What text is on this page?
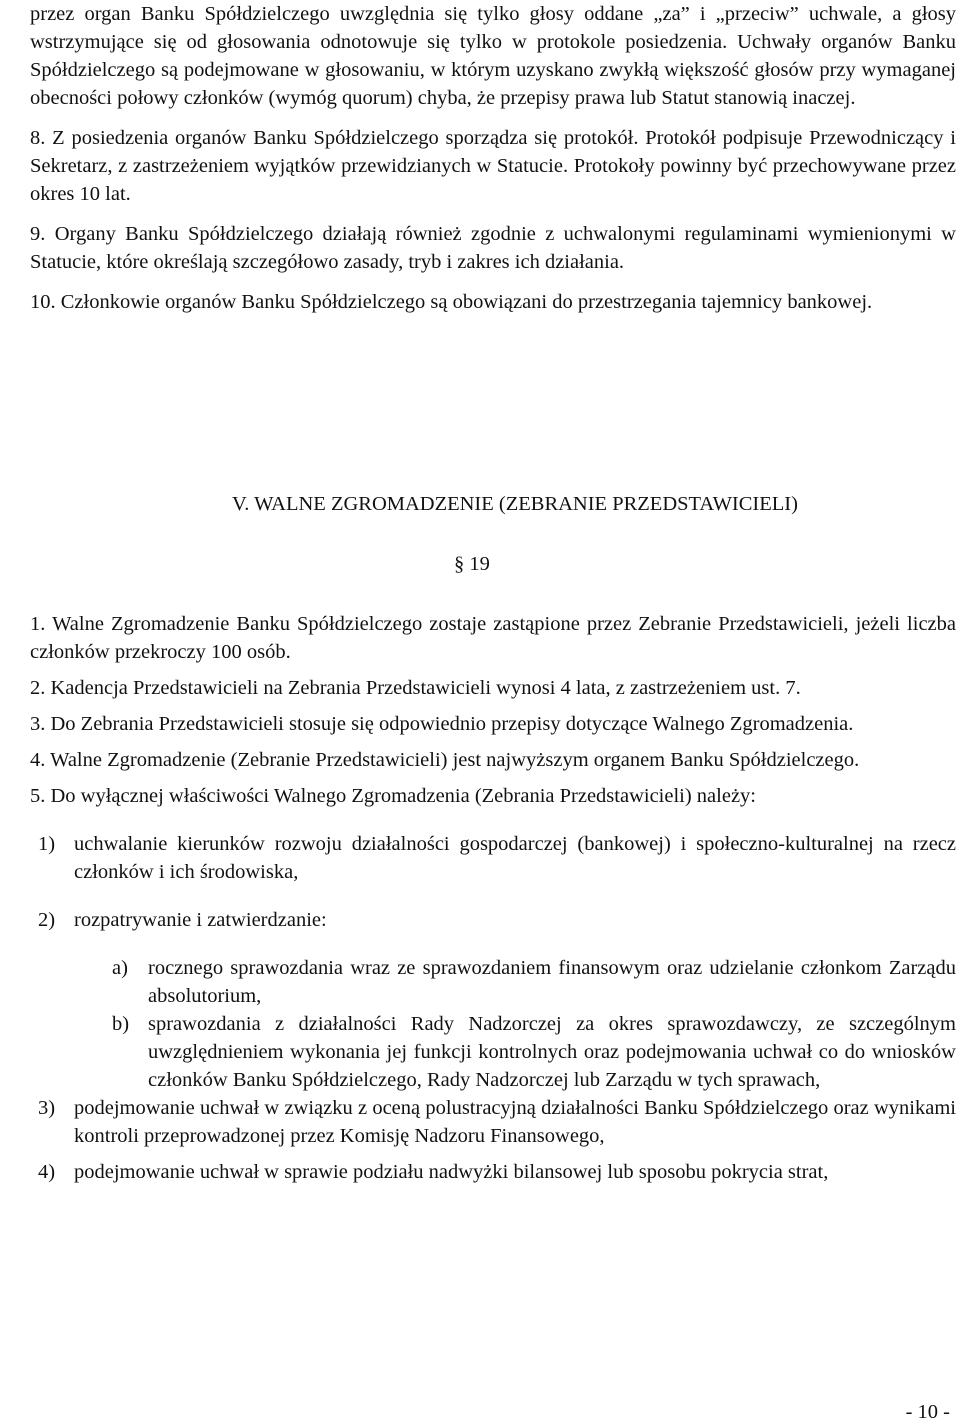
przez organ Banku Spółdzielczego uwzględnia się tylko głosy oddane „za” i „przeciw” uchwale, a głosy wstrzymujące się od głosowania odnotowuje się tylko w protokole posiedzenia. Uchwały organów Banku Spółdzielczego są podejmowane w głosowaniu, w którym uzyskano zwykłą większość głosów przy wymaganej obecności połowy członków (wymóg quorum) chyba, że przepisy prawa lub Statut stanowią inaczej.

8. Z posiedzenia organów Banku Spółdzielczego sporządza się protokół. Protokół podpisuje Przewodniczący i Sekretarz, z zastrzeżeniem wyjątków przewidzianych w Statucie. Protokoły powinny być przechowywane przez okres 10 lat.

9. Organy Banku Spółdzielczego działają również zgodnie z uchwalonymi regulaminami wymienionymi w Statucie, które określają szczegółowo zasady, tryb i zakres ich działania.

10. Członkowie organów Banku Spółdzielczego są obowiązani do przestrzegania tajemnicy bankowej.

V. WALNE ZGROMADZENIE (ZEBRANIE PRZEDSTAWICIELI)
§ 19

1. Walne Zgromadzenie Banku Spółdzielczego zostaje zastąpione przez Zebranie Przedstawicieli, jeżeli liczba członków przekroczy 100 osób.

2. Kadencja Przedstawicieli na Zebrania Przedstawicieli wynosi 4 lata, z zastrzeżeniem ust. 7.

3. Do Zebrania Przedstawicieli stosuje się odpowiednio przepisy dotyczące Walnego Zgromadzenia.

4. Walne Zgromadzenie (Zebranie Przedstawicieli) jest najwyższym organem Banku Spółdzielczego.

5. Do wyłącznej właściwości Walnego Zgromadzenia (Zebrania Przedstawicieli) należy:

1) uchwalanie kierunków rozwoju działalności gospodarczej (bankowej) i społeczno-kulturalnej na rzecz członków i ich środowiska,
2) rozpatrywanie i zatwierdzanie:
a) rocznego sprawozdania wraz ze sprawozdaniem finansowym oraz udzielanie członkom Zarządu absolutorium,
b) sprawozdania z działalności Rady Nadzorczej za okres sprawozdawczy, ze szczególnym uwzględnieniem wykonania jej funkcji kontrolnych oraz podejmowania uchwał co do wniosków członków Banku Spółdzielczego, Rady Nadzorczej lub Zarządu w tych sprawach,
3) podejmowanie uchwał w związku z oceną polustracyjną działalności Banku Spółdzielczego oraz wynikami kontroli przeprowadzonej przez Komisję Nadzoru Finansowego,
4) podejmowanie uchwał w sprawie podziału nadwyżki bilansowej lub sposobu pokrycia strat,
- 10 -
